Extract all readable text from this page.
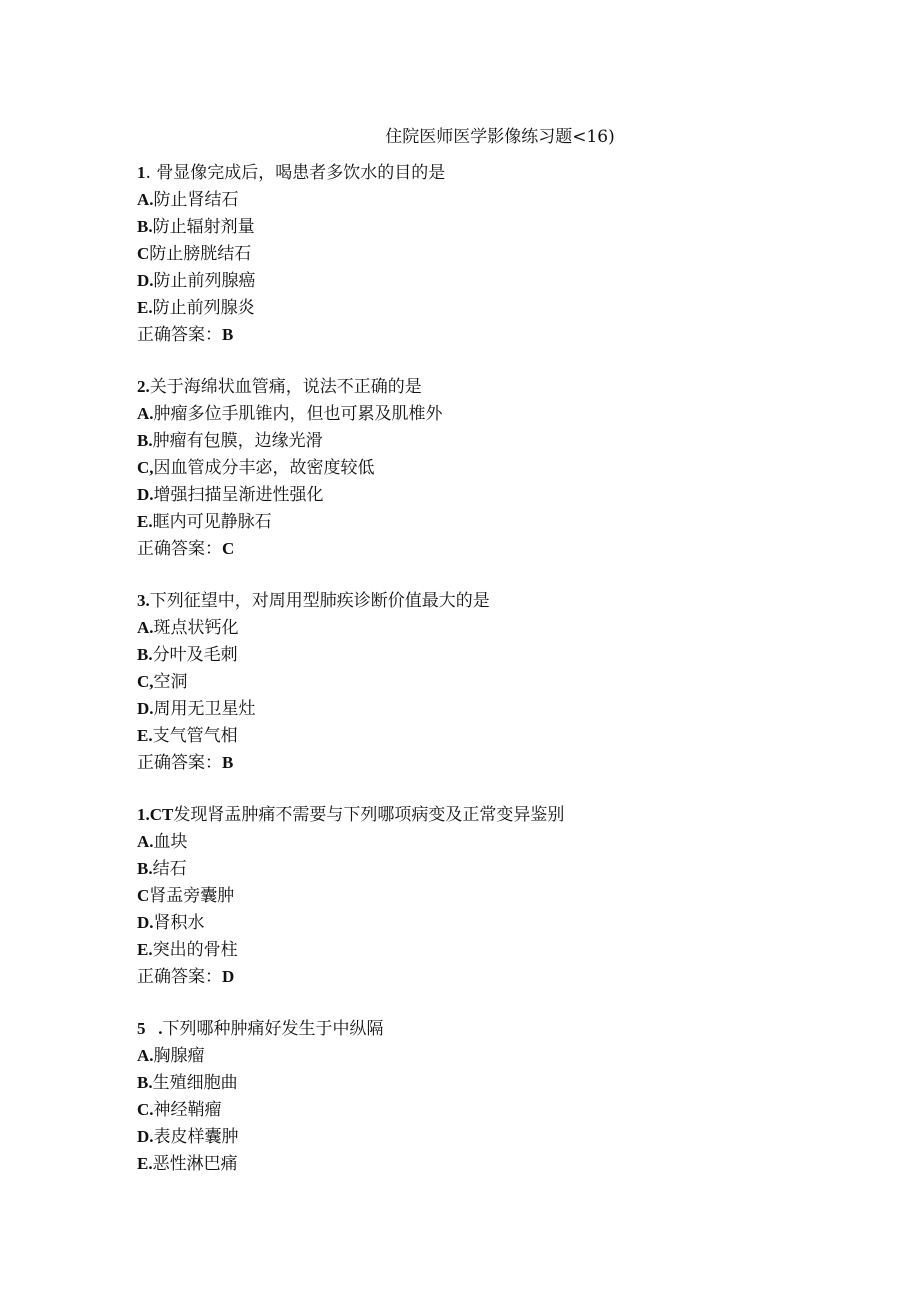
住院医师医学影像练习题<16)
1. 骨显像完成后，喝患者多饮水的目的是
A.防止肾结石
B.防止辐射剂量
C防止膀胱结石
D.防止前列腺癌
E.防止前列腺炎
正确答案：B
2.关于海绵状血管痛，说法不正确的是
A.肿瘤多位手肌锥内，但也可累及肌椎外
B.肿瘤有包膜，边缘光滑
C,因血管成分丰宓，故密度较低
D.增强扫描呈渐进性强化
E.眶内可见静脉石
正确答案：C
3.下列征望中，对周用型肺疾诊断价值最大的是
A.斑点状钙化
B.分叶及毛刺
C,空洞
D.周用无卫星灶
E.支气管气相
正确答案：B
1.CT发现肾盂肿痛不需要与下列哪项病变及正常变异鉴别
A.血块
B.结石
C肾盂旁囊肿
D.肾积水
E.突出的骨柱
正确答案：D
5   .下列哪种肿痛好发生于中纵隔
A.胸腺瘤
B.生殖细胞曲
C.神经鞘瘤
D.表皮样囊肿
E.恶性淋巴痛
